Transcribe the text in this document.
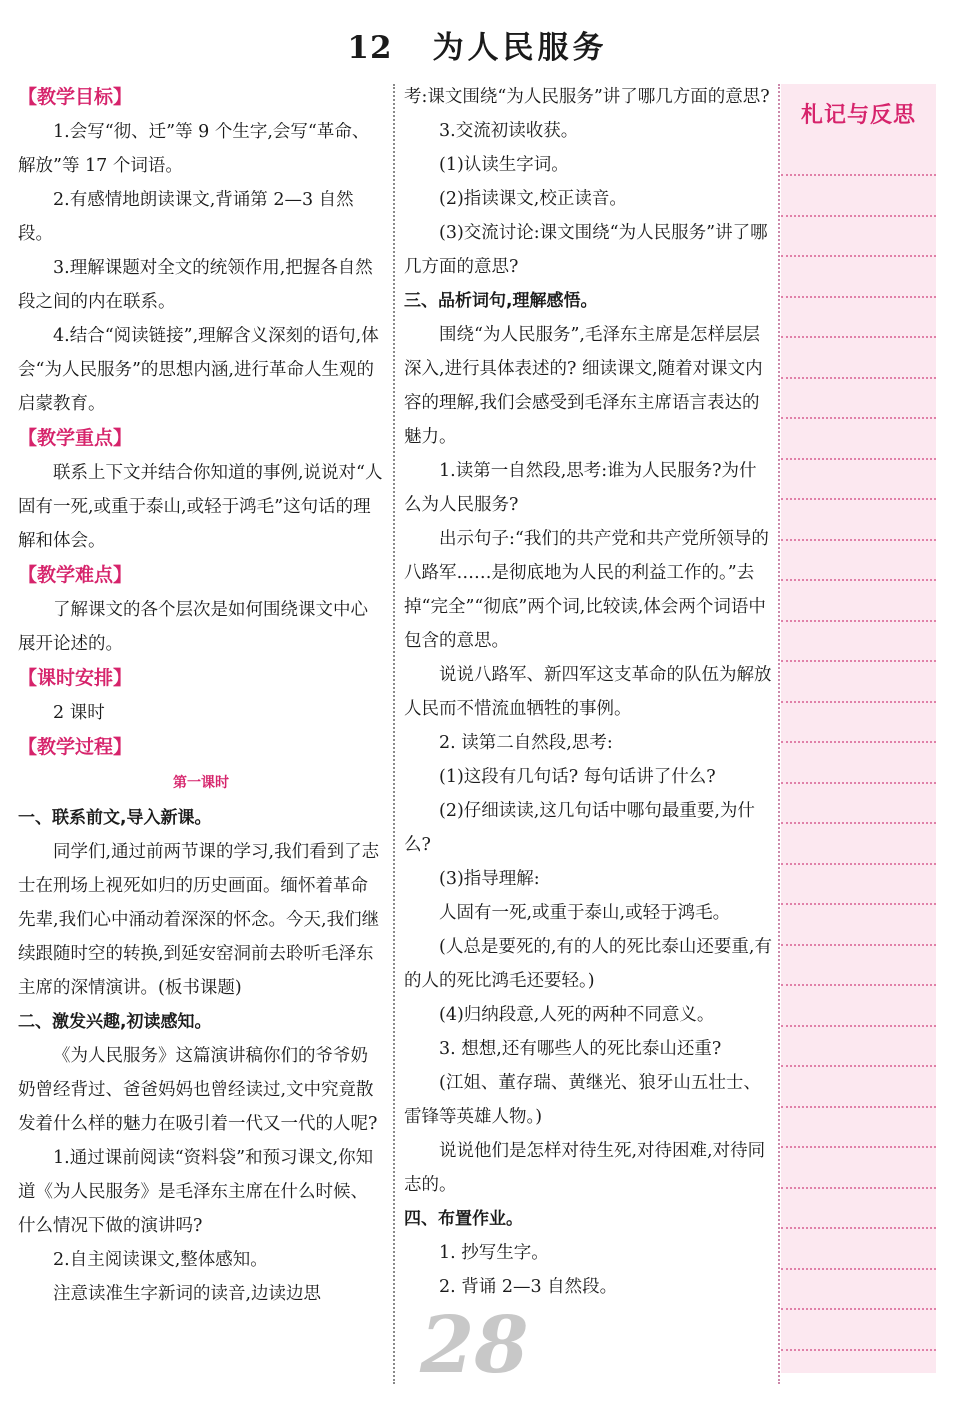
12 为人民服务

【教学目标】

1.会写“彻、迁”等 9 个生字,会写“革命、解放”等 17 个词语。

2.有感情地朗读课文,背诵第 2—3 自然段。

3.理解课题对全文的统领作用,把握各自然段之间的内在联系。

4.结合“阅读链接”,理解含义深刻的语句,体会“为人民服务”的思想内涵,进行革命人生观的启蒙教育。

【教学重点】

联系上下文并结合你知道的事例,说说对“人固有一死,或重于泰山,或轻于鸿毛”这句话的理解和体会。

【教学难点】

了解课文的各个层次是如何围绕课文中心展开论述的。

【课时安排】

2 课时

【教学过程】

第一课时

一、联系前文,导入新课。

同学们,通过前两节课的学习,我们看到了志士在刑场上视死如归的历史画面。缅怀着革命先辈,我们心中涌动着深深的怀念。今天,我们继续跟随时空的转换,到延安窑洞前去聆听毛泽东主席的深情演讲。(板书课题)

二、激发兴趣,初读感知。

《为人民服务》这篇演讲稿你们的爷爷奶奶曾经背过、爸爸妈妈也曾经读过,文中究竟散发着什么样的魅力在吸引着一代又一代的人呢?

1.通过课前阅读“资料袋”和预习课文,你知道《为人民服务》是毛泽东主席在什么时候、什么情况下做的演讲吗?

2.自主阅读课文,整体感知。

注意读准生字新词的读音,边读边思

考:课文围绕“为人民服务”讲了哪几方面的意思?

3.交流初读收获。

(1)认读生字词。

(2)指读课文,校正读音。

(3)交流讨论:课文围绕“为人民服务”讲了哪几方面的意思?

三、品析词句,理解感悟。

围绕“为人民服务”,毛泽东主席是怎样层层深入,进行具体表述的? 细读课文,随着对课文内容的理解,我们会感受到毛泽东主席语言表达的魅力。

1.读第一自然段,思考:谁为人民服务?为什么为人民服务?

出示句子:“我们的共产党和共产党所领导的八路军……是彻底地为人民的利益工作的。”去掉“完全”“彻底”两个词,比较读,体会两个词语中包含的意思。

说说八路军、新四军这支革命的队伍为解放人民而不惜流血牺牲的事例。

2. 读第二自然段,思考:

(1)这段有几句话? 每句话讲了什么?

(2)仔细读读,这几句话中哪句最重要,为什么?

(3)指导理解:

人固有一死,或重于泰山,或轻于鸿毛。

(人总是要死的,有的人的死比泰山还要重,有的人的死比鸿毛还要轻。)

(4)归纳段意,人死的两种不同意义。

3. 想想,还有哪些人的死比泰山还重?

(江姐、董存瑞、黄继光、狼牙山五壮士、雷锋等英雄人物。)

说说他们是怎样对待生死,对待困难,对待同志的。

四、布置作业。

1. 抄写生字。

2. 背诵 2—3 自然段。

札记与反思
28
